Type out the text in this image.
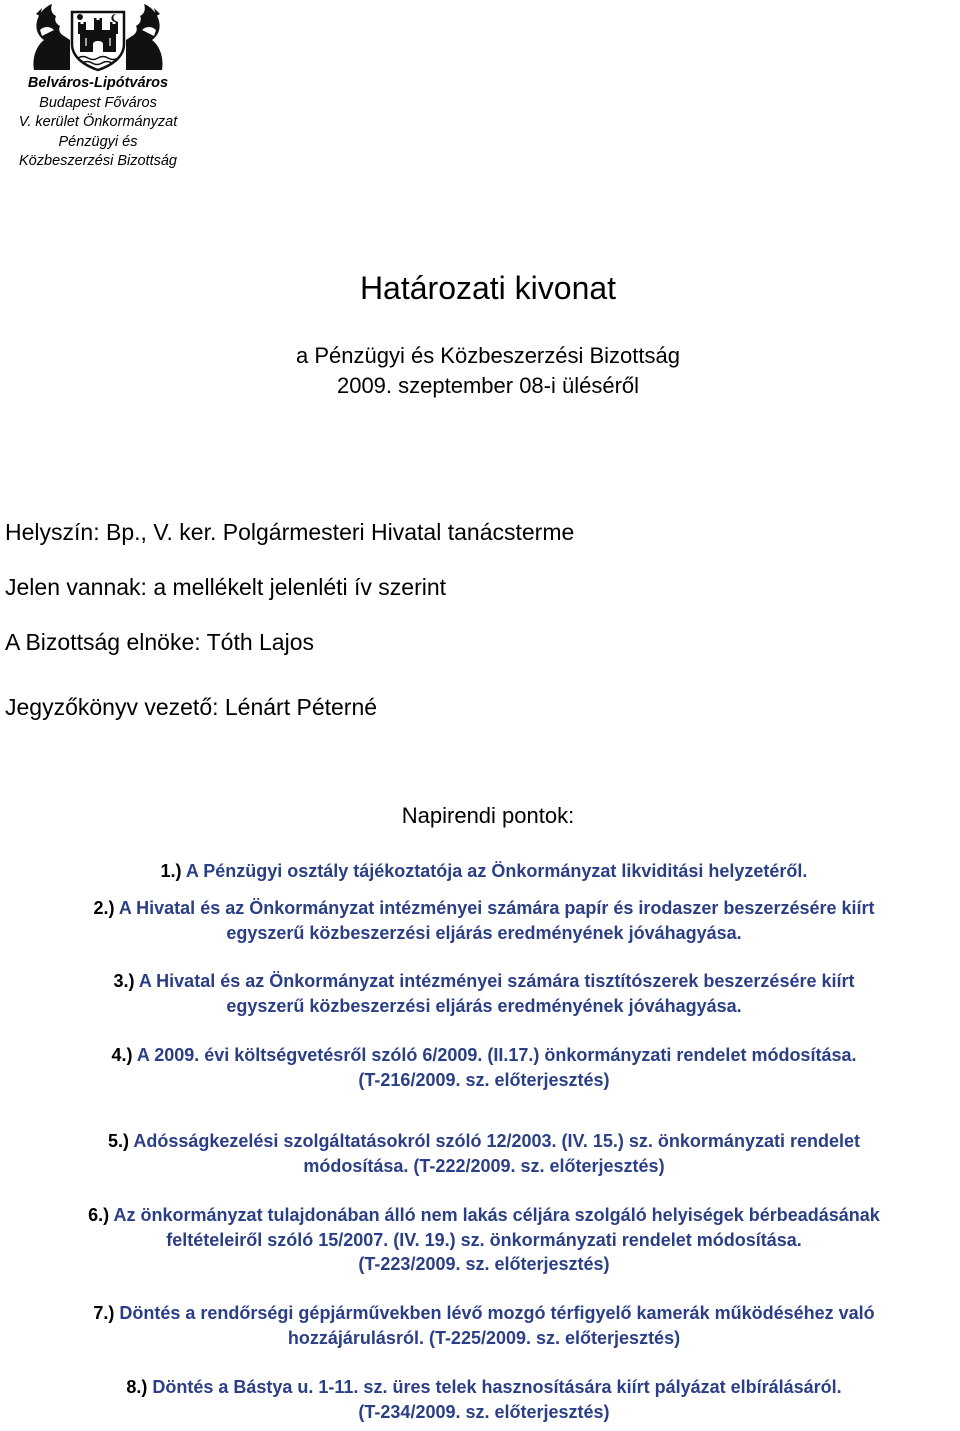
Belváros-Lipótváros
Budapest Főváros
V. kerület Önkormányzat
Pénzügyi és
Közbeszerzési Bizottság
Határozati kivonat
a Pénzügyi és Közbeszerzési Bizottság
2009. szeptember 08-i üléséről
Helyszín: Bp., V. ker. Polgármesteri Hivatal tanácsterme
Jelen vannak: a mellékelt jelenléti ív szerint
A Bizottság elnöke: Tóth Lajos
Jegyzőkönyv vezető: Lénárt Péterné
Napirendi pontok:
1.) A Pénzügyi osztály tájékoztatója az Önkormányzat likviditási helyzetéről.
2.) A Hivatal és az Önkormányzat intézményei számára papír és irodaszer beszerzésére kiírt
egyszerű közbeszerzési eljárás eredményének jóváhagyása.
3.) A Hivatal és az Önkormányzat intézményei számára tisztítószerek beszerzésére kiírt
egyszerű közbeszerzési eljárás eredményének jóváhagyása.
4.) A 2009. évi költségvetésről szóló 6/2009. (II.17.) önkormányzati rendelet módosítása.
(T-216/2009. sz. előterjesztés)
5.) Adósságkezelési szolgáltatásokról szóló 12/2003. (IV. 15.) sz. önkormányzati rendelet
módosítása. (T-222/2009. sz. előterjesztés)
6.) Az önkormányzat tulajdonában álló nem lakás céljára szolgáló helyiségek bérbeadásának
feltételeiről szóló 15/2007. (IV. 19.) sz. önkormányzati rendelet módosítása.
(T-223/2009. sz. előterjesztés)
7.) Döntés a rendőrségi gépjárművekben lévő mozgó térfigyelő kamerák működéséhez való
hozzájárulásról. (T-225/2009. sz. előterjesztés)
8.) Döntés a Bástya u. 1-11. sz. üres telek hasznosítására kiírt pályázat elbírálásáról.
(T-234/2009. sz. előterjesztés)
